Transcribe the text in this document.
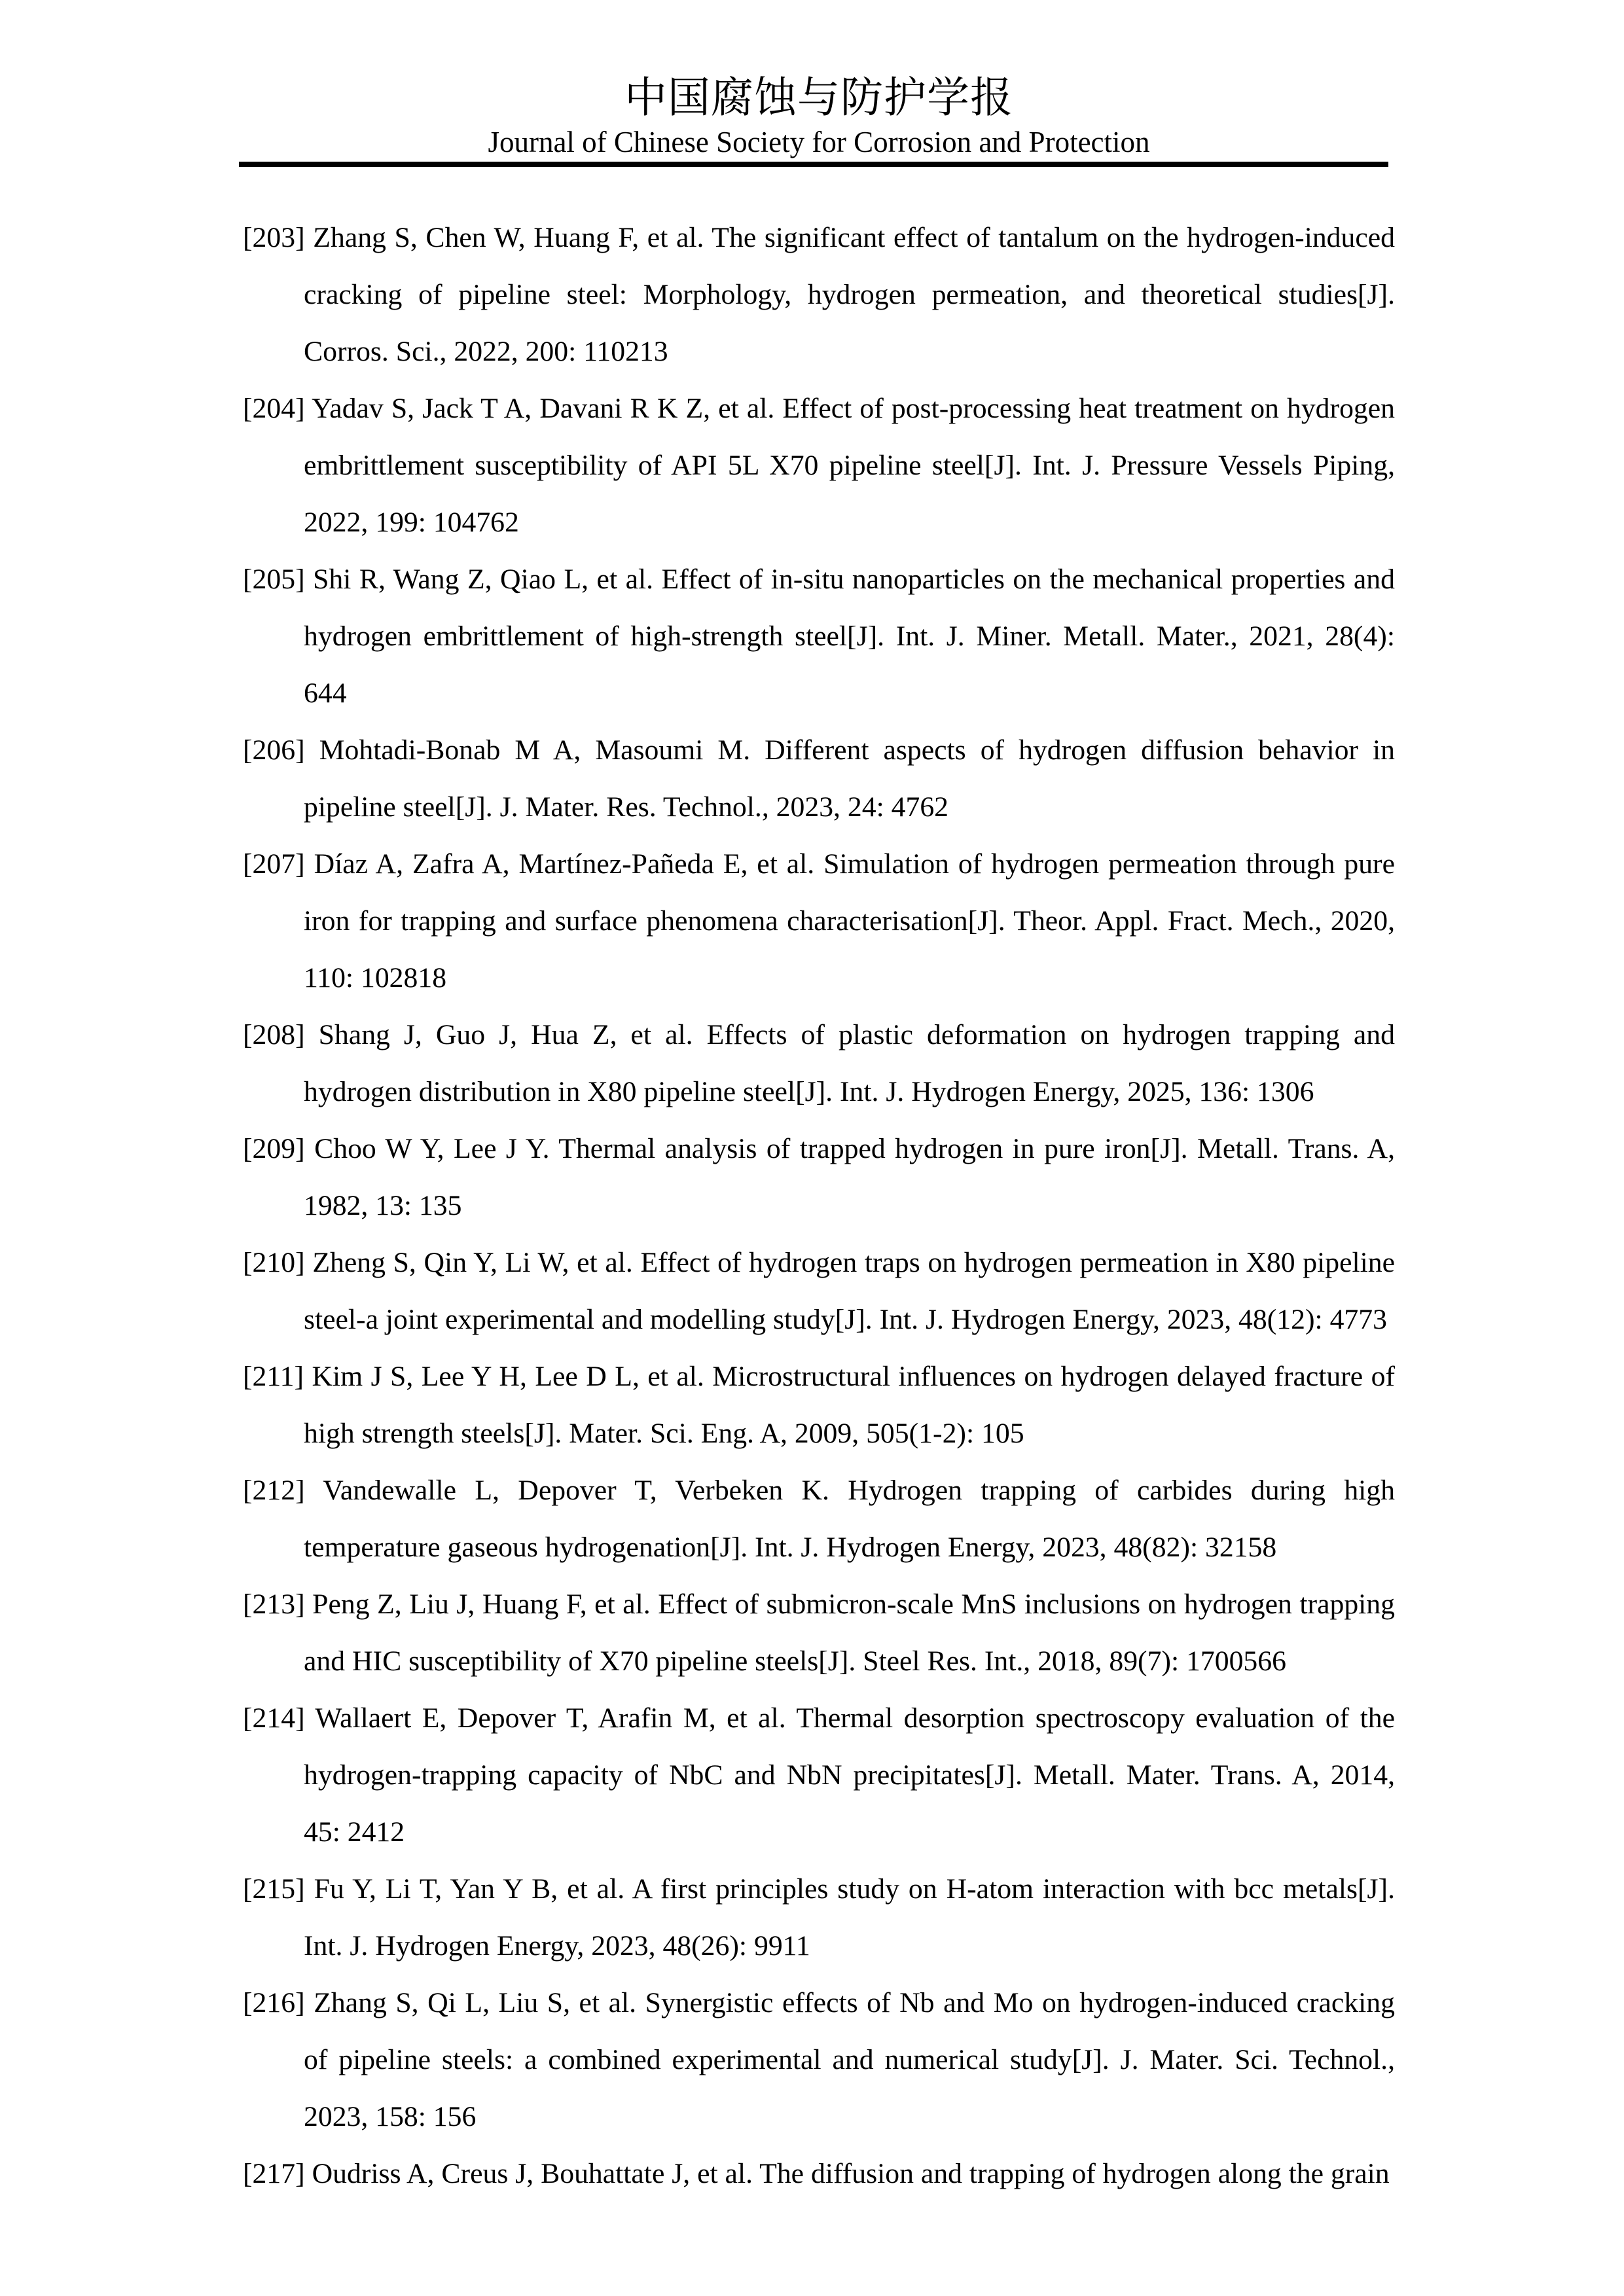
中国腐蚀与防护学报
Journal of Chinese Society for Corrosion and Protection

[203] Zhang S, Chen W, Huang F, et al. The significant effect of tantalum on the hydrogen-induced cracking of pipeline steel: Morphology, hydrogen permeation, and theoretical studies[J]. Corros. Sci., 2022, 200: 110213

[204] Yadav S, Jack T A, Davani R K Z, et al. Effect of post-processing heat treatment on hydrogen embrittlement susceptibility of API 5L X70 pipeline steel[J]. Int. J. Pressure Vessels Piping, 2022, 199: 104762

[205] Shi R, Wang Z, Qiao L, et al. Effect of in-situ nanoparticles on the mechanical properties and hydrogen embrittlement of high-strength steel[J]. Int. J. Miner. Metall. Mater., 2021, 28(4): 644

[206] Mohtadi-Bonab M A, Masoumi M. Different aspects of hydrogen diffusion behavior in pipeline steel[J]. J. Mater. Res. Technol., 2023, 24: 4762

[207] Díaz A, Zafra A, Martínez-Pañeda E, et al. Simulation of hydrogen permeation through pure iron for trapping and surface phenomena characterisation[J]. Theor. Appl. Fract. Mech., 2020, 110: 102818

[208] Shang J, Guo J, Hua Z, et al. Effects of plastic deformation on hydrogen trapping and hydrogen distribution in X80 pipeline steel[J]. Int. J. Hydrogen Energy, 2025, 136: 1306

[209] Choo W Y, Lee J Y. Thermal analysis of trapped hydrogen in pure iron[J]. Metall. Trans. A, 1982, 13: 135

[210] Zheng S, Qin Y, Li W, et al. Effect of hydrogen traps on hydrogen permeation in X80 pipeline steel-a joint experimental and modelling study[J]. Int. J. Hydrogen Energy, 2023, 48(12): 4773

[211] Kim J S, Lee Y H, Lee D L, et al. Microstructural influences on hydrogen delayed fracture of high strength steels[J]. Mater. Sci. Eng. A, 2009, 505(1-2): 105

[212] Vandewalle L, Depover T, Verbeken K. Hydrogen trapping of carbides during high temperature gaseous hydrogenation[J]. Int. J. Hydrogen Energy, 2023, 48(82): 32158

[213] Peng Z, Liu J, Huang F, et al. Effect of submicron-scale MnS inclusions on hydrogen trapping and HIC susceptibility of X70 pipeline steels[J]. Steel Res. Int., 2018, 89(7): 1700566

[214] Wallaert E, Depover T, Arafin M, et al. Thermal desorption spectroscopy evaluation of the hydrogen-trapping capacity of NbC and NbN precipitates[J]. Metall. Mater. Trans. A, 2014, 45: 2412

[215] Fu Y, Li T, Yan Y B, et al. A first principles study on H-atom interaction with bcc metals[J]. Int. J. Hydrogen Energy, 2023, 48(26): 9911

[216] Zhang S, Qi L, Liu S, et al. Synergistic effects of Nb and Mo on hydrogen-induced cracking of pipeline steels: a combined experimental and numerical study[J]. J. Mater. Sci. Technol., 2023, 158: 156

[217] Oudriss A, Creus J, Bouhattate J, et al. The diffusion and trapping of hydrogen along the grain
